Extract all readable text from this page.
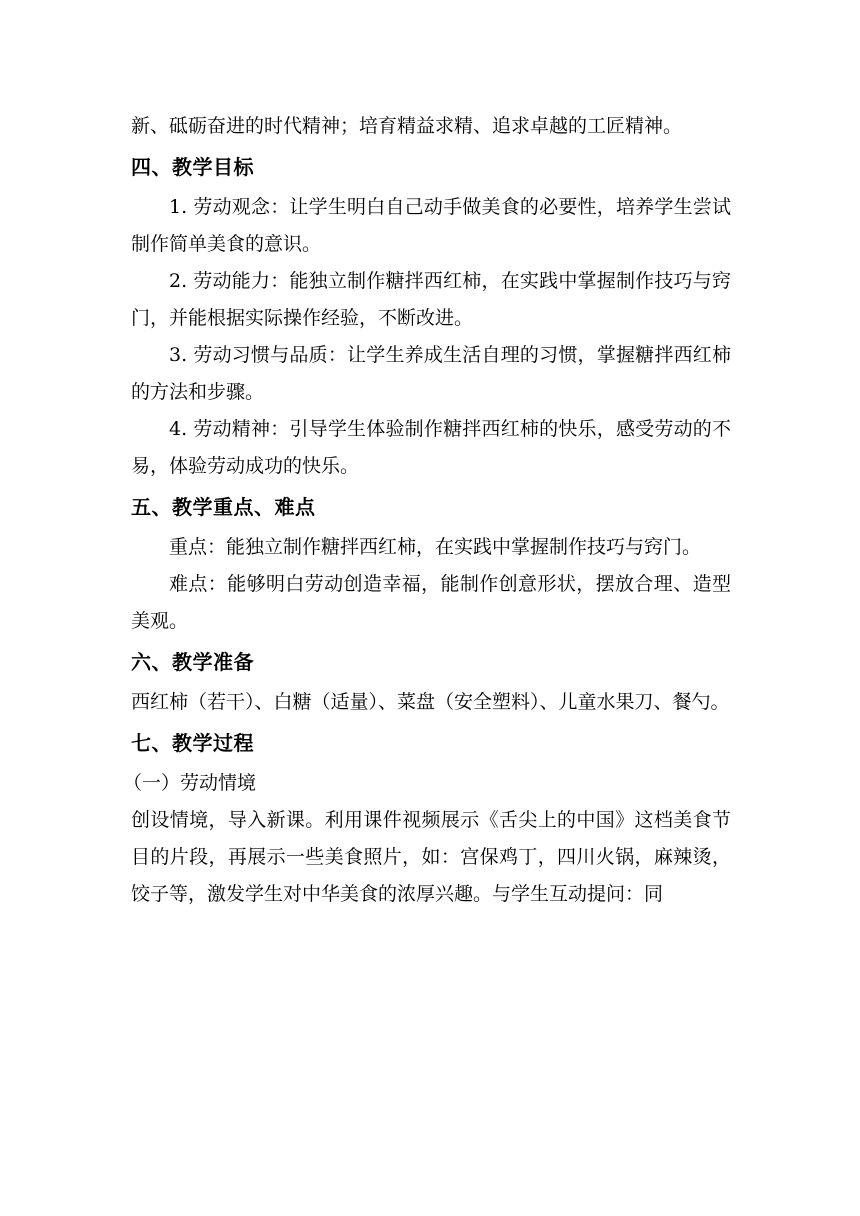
新、砥砺奋进的时代精神；培育精益求精、追求卓越的工匠精神。

四、教学目标

1. 劳动观念：让学生明白自己动手做美食的必要性，培养学生尝试制作简单美食的意识。

2. 劳动能力：能独立制作糖拌西红柿，在实践中掌握制作技巧与窍门，并能根据实际操作经验，不断改进。

3. 劳动习惯与品质：让学生养成生活自理的习惯，掌握糖拌西红柿的方法和步骤。

4. 劳动精神：引导学生体验制作糖拌西红柿的快乐，感受劳动的不易，体验劳动成功的快乐。

五、教学重点、难点

重点：能独立制作糖拌西红柿，在实践中掌握制作技巧与窍门。

难点：能够明白劳动创造幸福，能制作创意形状，摆放合理、造型美观。

六、教学准备

西红柿（若干）、白糖（适量）、菜盘（安全塑料）、儿童水果刀、餐勺。

七、教学过程

（一）劳动情境

创设情境，导入新课。利用课件视频展示《舌尖上的中国》这档美食节目的片段，再展示一些美食照片，如：宫保鸡丁，四川火锅，麻辣烫，饺子等，激发学生对中华美食的浓厚兴趣。与学生互动提问：同
